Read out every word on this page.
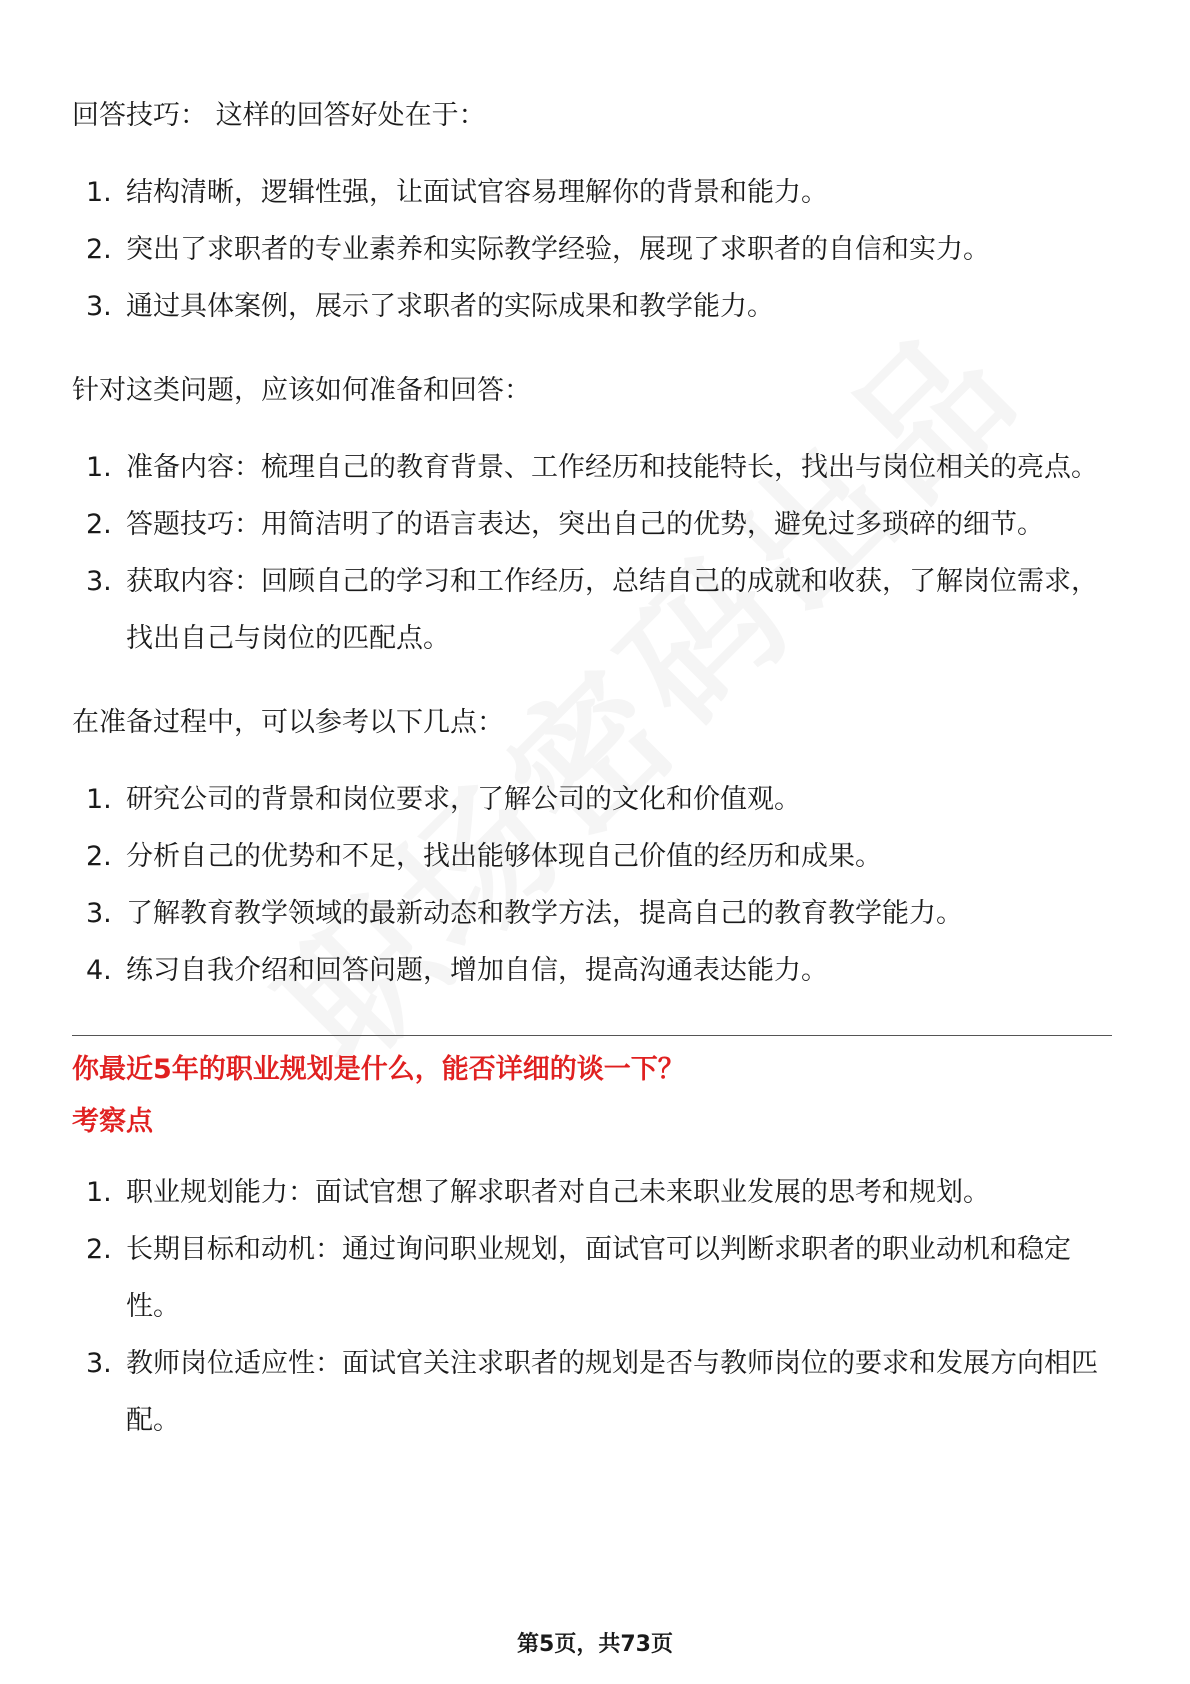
回答技巧： 这样的回答好处在于：

1. 结构清晰，逻辑性强，让面试官容易理解你的背景和能力。
2. 突出了求职者的专业素养和实际教学经验，展现了求职者的自信和实力。
3. 通过具体案例，展示了求职者的实际成果和教学能力。

针对这类问题，应该如何准备和回答：

1. 准备内容：梳理自己的教育背景、工作经历和技能特长，找出与岗位相关的亮点。
2. 答题技巧：用简洁明了的语言表达，突出自己的优势，避免过多琐碎的细节。
3. 获取内容：回顾自己的学习和工作经历，总结自己的成就和收获，了解岗位需求，找出自己与岗位的匹配点。

在准备过程中，可以参考以下几点：

1. 研究公司的背景和岗位要求，了解公司的文化和价值观。
2. 分析自己的优势和不足，找出能够体现自己价值的经历和成果。
3. 了解教育教学领域的最新动态和教学方法，提高自己的教育教学能力。
4. 练习自我介绍和回答问题，增加自信，提高沟通表达能力。

你最近5年的职业规划是什么，能否详细的谈一下？

考察点

1. 职业规划能力：面试官想了解求职者对自己未来职业发展的思考和规划。
2. 长期目标和动机：通过询问职业规划，面试官可以判断求职者的职业动机和稳定性。
3. 教师岗位适应性：面试官关注求职者的规划是否与教师岗位的要求和发展方向相匹配。
第5页，共73页
